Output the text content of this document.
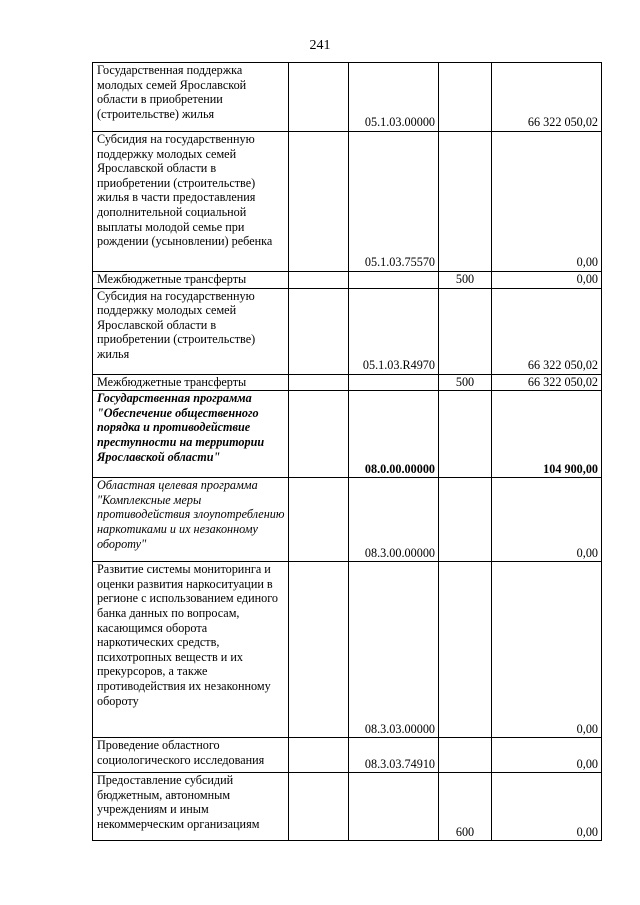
241
Государственная поддержка молодых семей Ярославской области в приобретении (строительстве) жилья		05.1.03.00000		66 322 050,02
Субсидия на государственную поддержку молодых семей Ярославской области в приобретении (строительстве) жилья в части предоставления дополнительной социальной выплаты молодой семье при рождении (усыновлении) ребенка		05.1.03.75570		0,00
Межбюджетные трансферты			500	0,00
Субсидия на государственную поддержку молодых семей Ярославской области в приобретении (строительстве) жилья		05.1.03.R4970		66 322 050,02
Межбюджетные трансферты			500	66 322 050,02
Государственная программа "Обеспечение общественного порядка и противодействие преступности на территории Ярославской области"		08.0.00.00000		104 900,00
Областная целевая программа "Комплексные меры противодействия злоупотреблению наркотиками и их незаконному обороту"		08.3.00.00000		0,00
Развитие системы мониторинга и оценки развития наркоситуации в регионе с использованием единого банка данных по вопросам, касающимся оборота наркотических средств, психотропных веществ и их прекурсоров, а также противодействия их незаконному обороту		08.3.03.00000		0,00
Проведение областного социологического исследования		08.3.03.74910		0,00
Предоставление субсидий бюджетным, автономным учреждениям и иным некоммерческим организациям			600	0,00
